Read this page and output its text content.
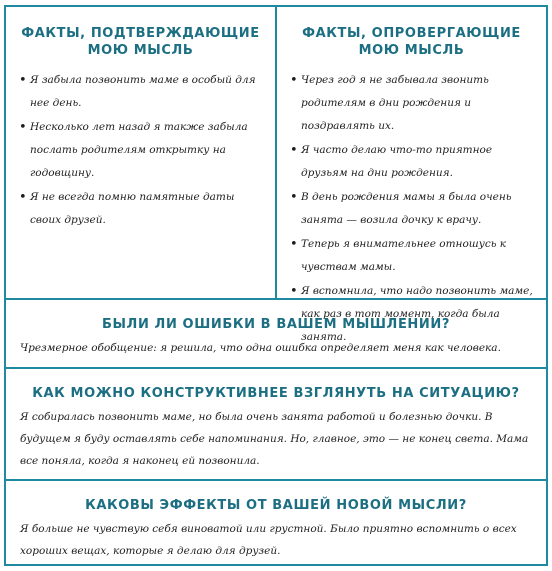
ФАКТЫ, ПОДТВЕРЖДАЮЩИЕ
МОЮ МЫСЛЬ
• Я забыла позвонить маме в особый для нее день.
• Несколько лет назад я также забыла послать родителям открытку на годовщину.
• Я не всегда помню памятные даты своих друзей.
ФАКТЫ, ОПРОВЕРГАЮЩИЕ
МОЮ МЫСЛЬ
• Через год я не забывала звонить родителям в дни рождения и поздравлять их.
• Я часто делаю что-то приятное друзьям на дни рождения.
• В день рождения мамы я была очень занята — возила дочку к врачу.
• Теперь я внимательнее отношусь к чувствам мамы.
• Я вспомнила, что надо позвонить маме, как раз в тот момент, когда была занята.
БЫЛИ ЛИ ОШИБКИ В ВАШЕМ МЫШЛЕНИИ?
Чрезмерное обобщение: я решила, что одна ошибка определяет меня как человека.
КАК МОЖНО КОНСТРУКТИВНЕЕ ВЗГЛЯНУТЬ НА СИТУАЦИЮ?
Я собиралась позвонить маме, но была очень занята работой и болезнью дочки. В будущем я буду оставлять себе напоминания. Но, главное, это — не конец света. Мама все поняла, когда я наконец ей позвонила.
КАКОВЫ ЭФФЕКТЫ ОТ ВАШЕЙ НОВОЙ МЫСЛИ?
Я больше не чувствую себя виноватой или грустной. Было приятно вспомнить о всех хороших вещах, которые я делаю для друзей.
